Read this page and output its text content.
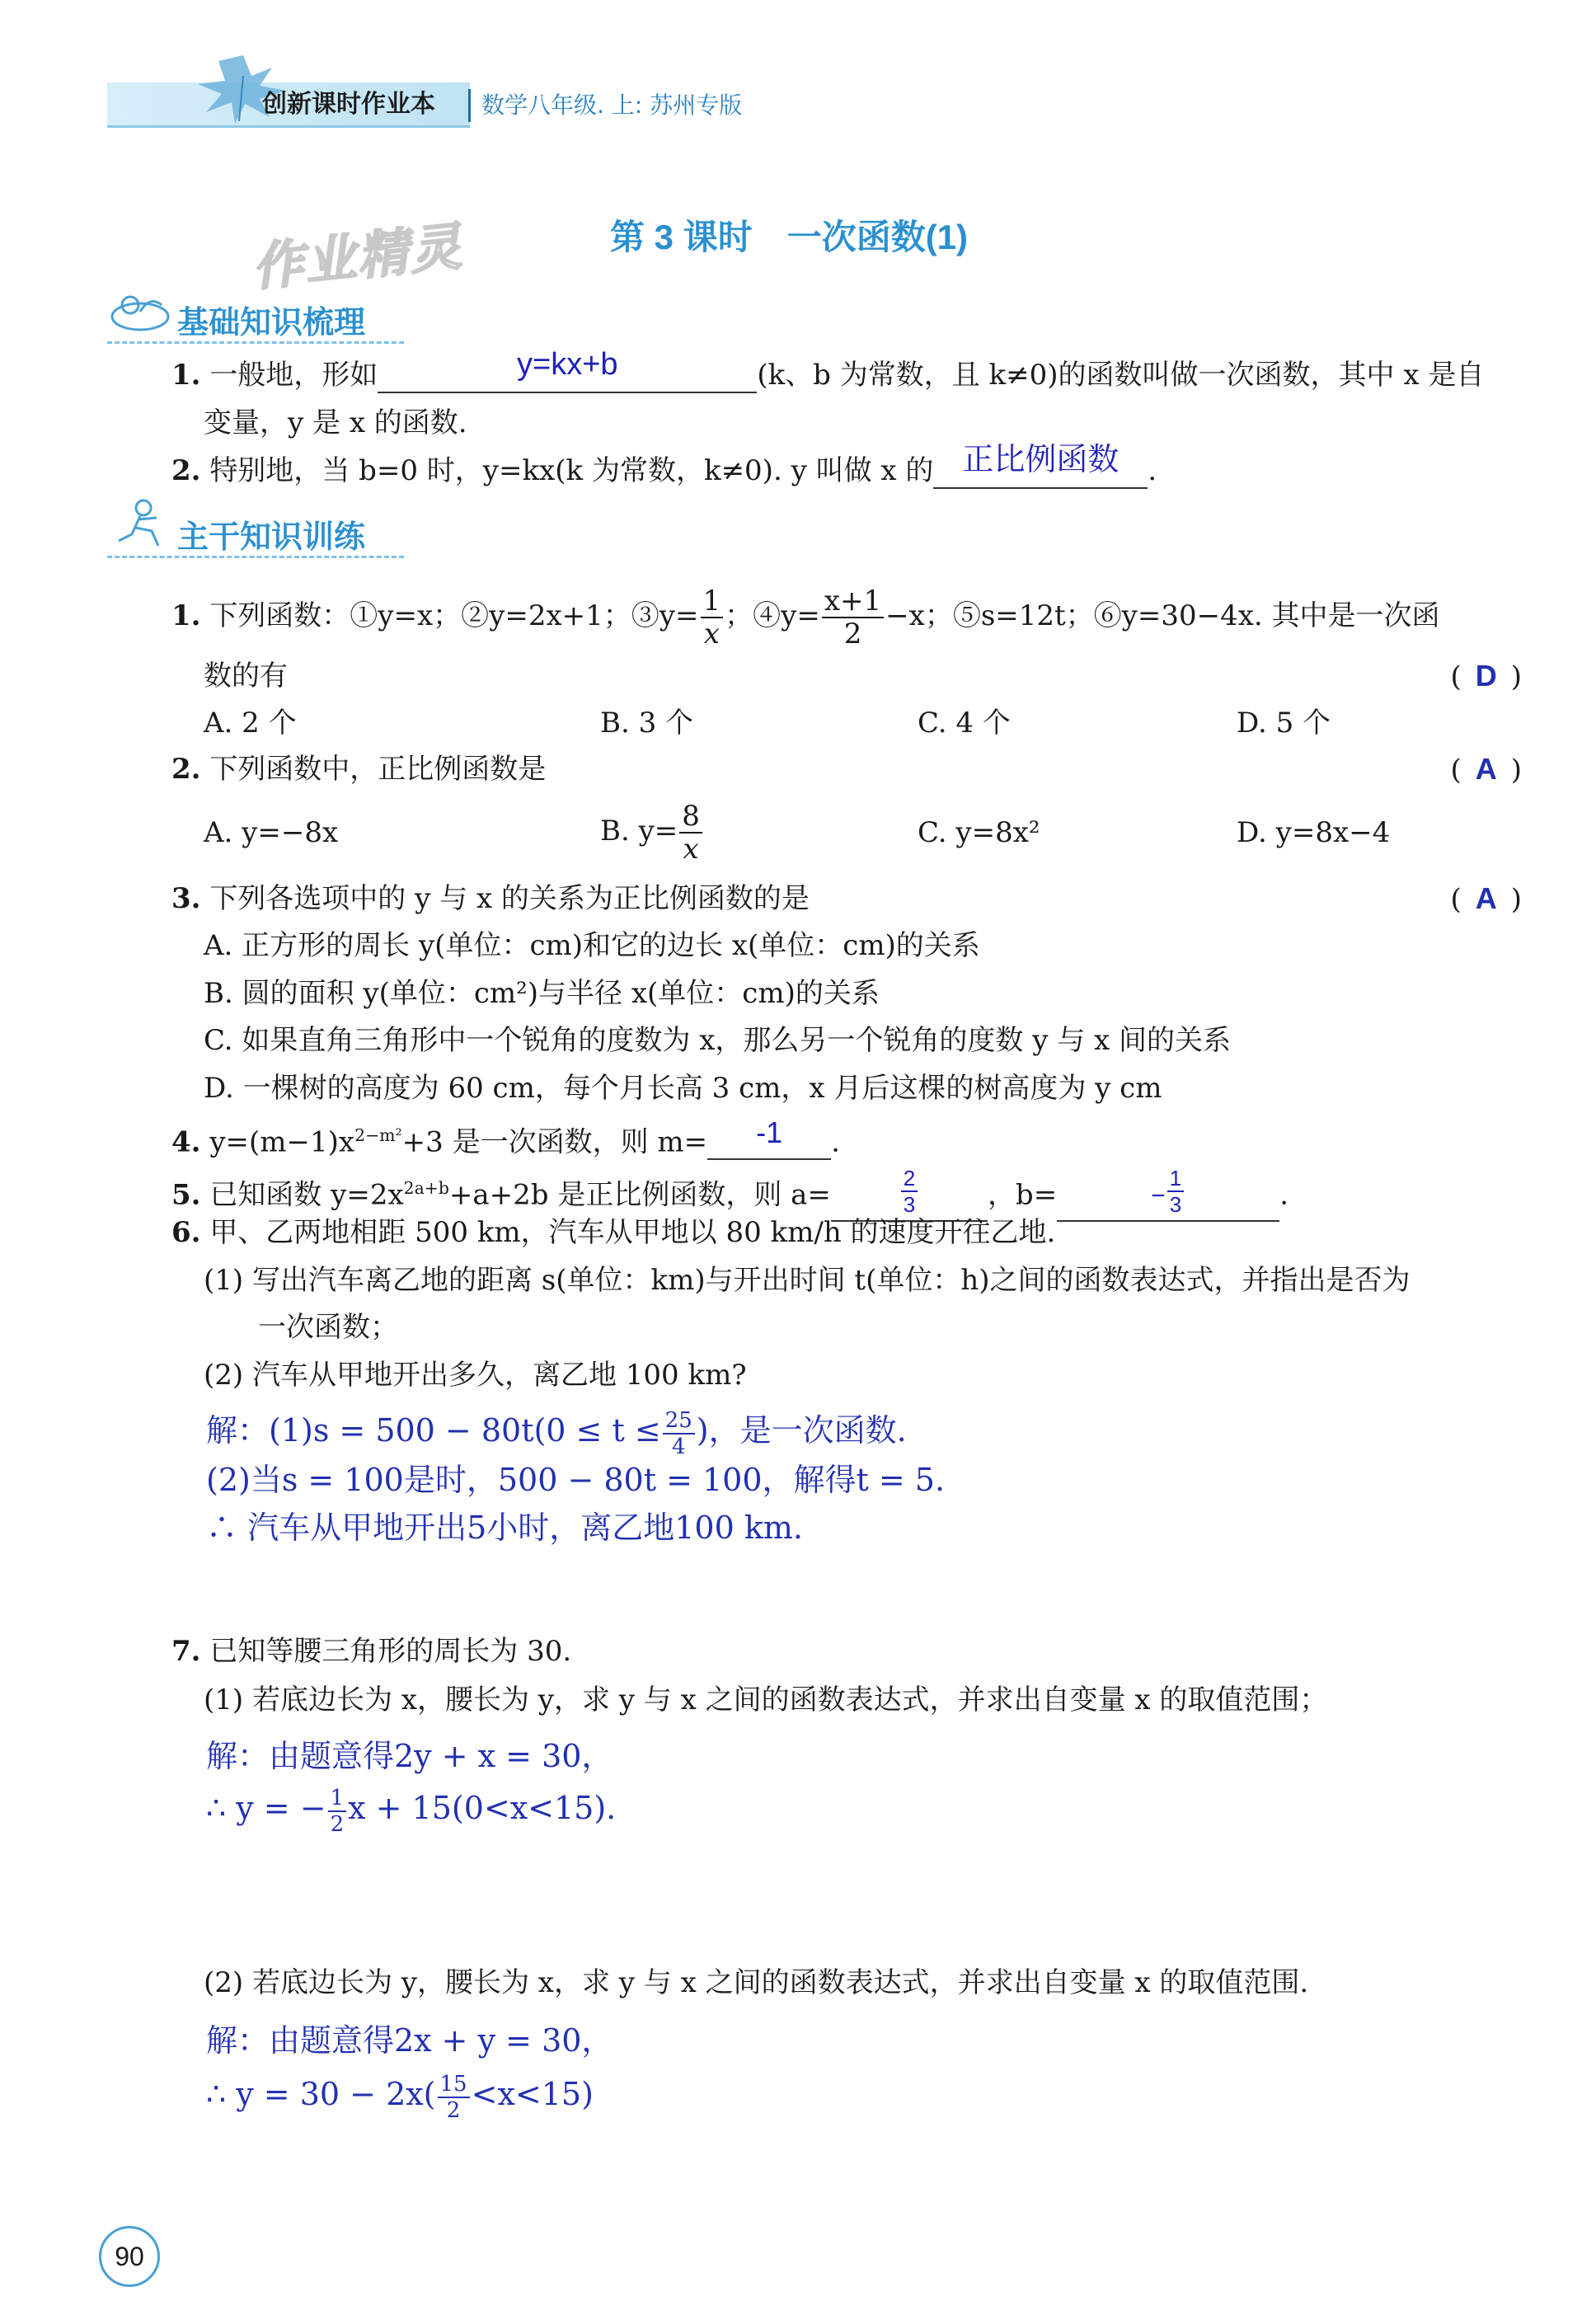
创新课时作业本 数学八年级. 上: 苏州专版
作业精灵	第 3 课时　一次函数(1)
基础知识梳理
1. 一般地，形如	y=kx+b	(k、b 为常数，且 k≠0)的函数叫做一次函数，其中 x 是自
变量，y 是 x 的函数.
2. 特别地，当 b=0 时，y=kx(k 为常数，k≠0). y 叫做 x 的 正比例函数 .
主干知识训练
1. 下列函数：①y=x；②y=2x+1；③y= $\frac{1}{x}$ ；④y= $\frac{x+1}{2} -x$；⑤s=12t；⑥y=30−4x. 其中是一次函
数的有	( D )
A. 2 个	B. 3 个	C. 4 个	D. 5 个
2. 下列函数中，正比例函数是	( A )
A. y=−8x	B. $y= \frac{8}{x}$	C. y=8x²	D. y=8x−4
3. 下列各选项中的 y 与 x 的关系为正比例函数的是	( A )
A. 正方形的周长 y(单位：cm)和它的边长 x(单位：cm)的关系
B. 圆的面积 y(单位：cm²)与半径 x(单位：cm)的关系
C. 如果直角三角形中一个锐角的度数为 x，那么另一个锐角的度数 y 与 x 间的关系
D. 一棵树的高度为 60 cm，每个月长高 3 cm，x 月后这棵的树高度为 y cm
4. $y=(m-1)x^{2-m^2}+3$ 是一次函数，则 m= -1 .
5. 已知函数 $y=2x^{2a+b}+a+2b$ 是正比例函数，则 a=	$\frac{2}{3}$ ，b=	− $\frac{1}{3}$	.
6. 甲、乙两地相距 500 km，汽车从甲地以 80 km/h 的速度开往乙地.
(1) 写出汽车离乙地的距离 s(单位：km)与开出时间 t(单位：h)之间的函数表达式，并指出是否为
一次函数；
(2) 汽车从甲地开出多久，离乙地 100 km?
解：$(1)s = 500 - 80t(0 \le t \le \frac{25}{4}$ )，是一次函数.
(2)当s = 100是时，500 − 80t = 100，解得t = 5.
∴ 汽车从甲地开出5小时，离乙地100 km.
7. 已知等腰三角形的周长为 30.
(1) 若底边长为 x，腰长为 y，求 y 与 x 之间的函数表达式，并求出自变量 x 的取值范围；
解：由题意得2y + x = 30，
∴ y = − $\frac{1}{2}$ x + 15(0<x<15).
(2) 若底边长为 y，腰长为 x，求 y 与 x 之间的函数表达式，并求出自变量 x 的取值范围.
解：由题意得2x + y = 30，
∴ $y = 30 - 2x( \frac{15}{2} <x<15)$
90
